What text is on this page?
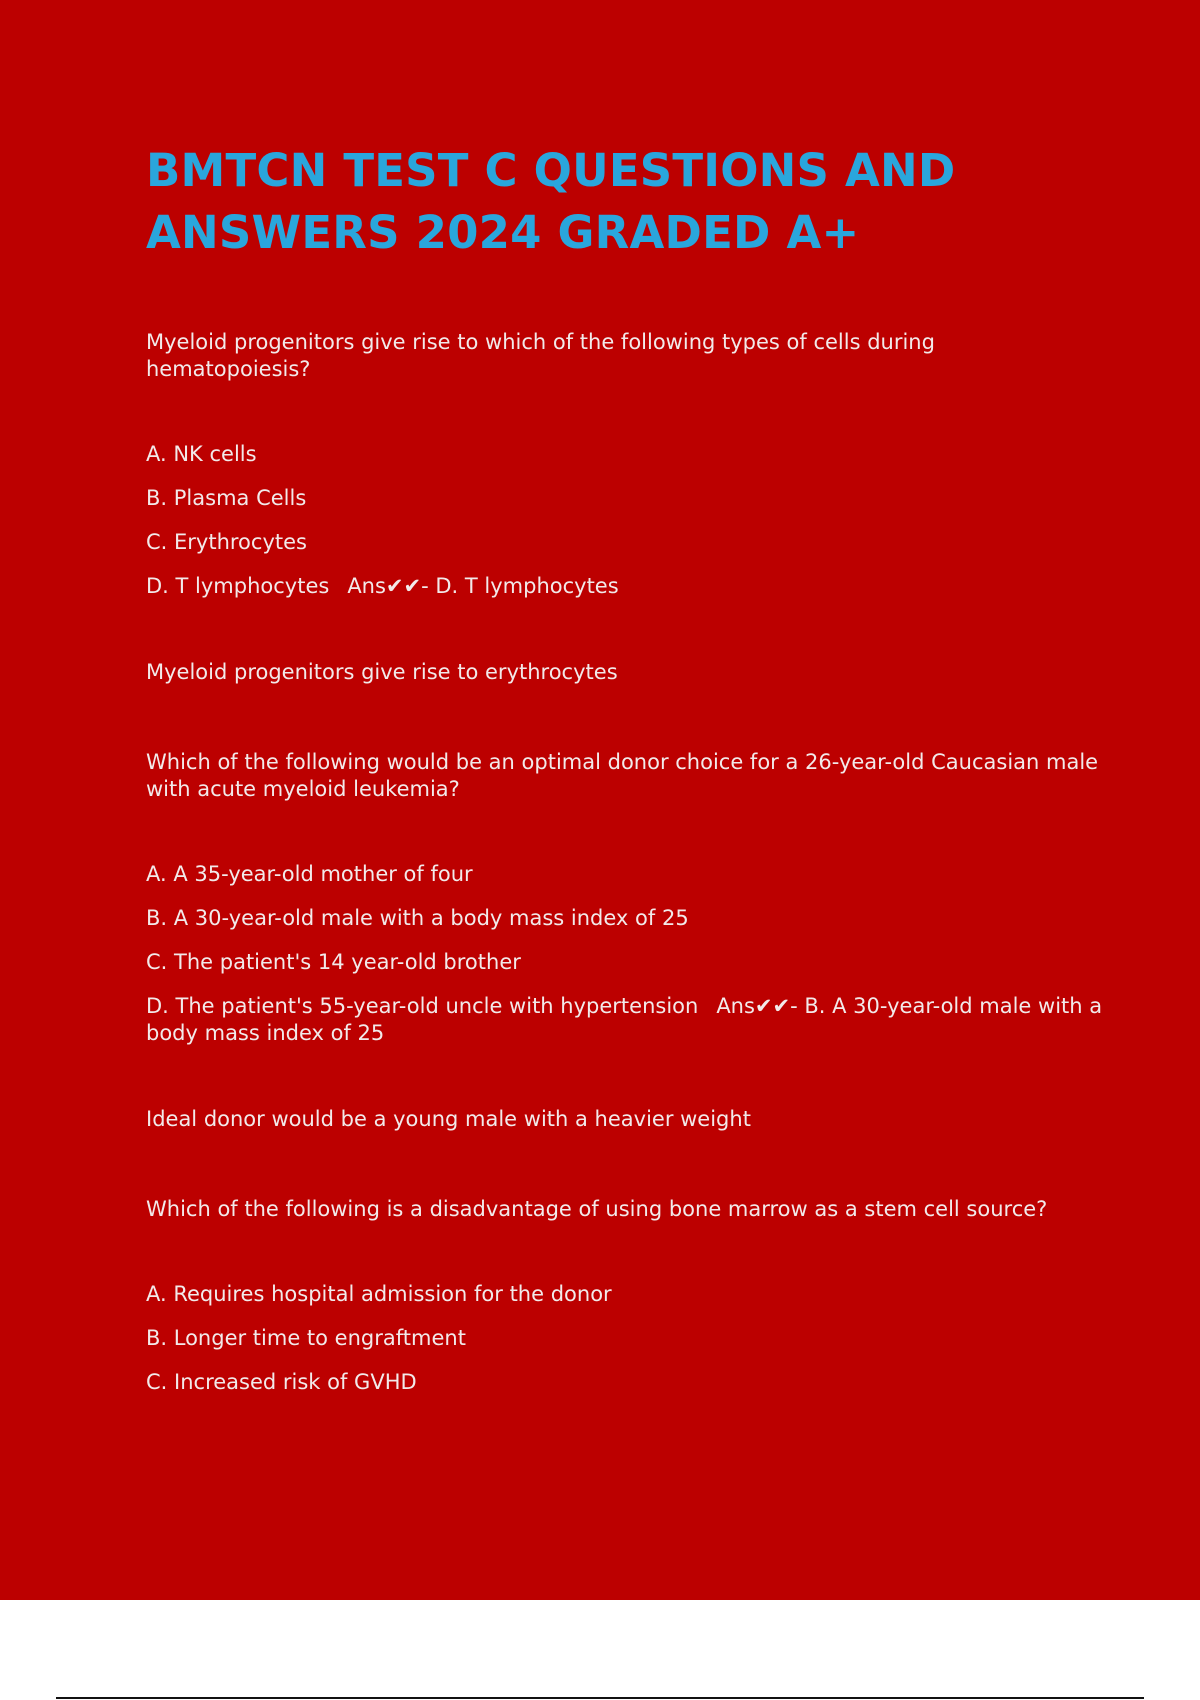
BMTCN TEST C QUESTIONS AND ANSWERS 2024 GRADED A+
Myeloid progenitors give rise to which of the following types of cells during hematopoiesis?
A. NK cells
B. Plasma Cells
C. Erythrocytes
D. T lymphocytes Ans✔✔- D. T lymphocytes
Myeloid progenitors give rise to erythrocytes
Which of the following would be an optimal donor choice for a 26-year-old Caucasian male with acute myeloid leukemia?
A. A 35-year-old mother of four
B. A 30-year-old male with a body mass index of 25
C. The patient's 14 year-old brother
D. The patient's 55-year-old uncle with hypertension Ans✔✔- B. A 30-year-old male with a body mass index of 25
Ideal donor would be a young male with a heavier weight
Which of the following is a disadvantage of using bone marrow as a stem cell source?
A. Requires hospital admission for the donor
B. Longer time to engraftment
C. Increased risk of GVHD
